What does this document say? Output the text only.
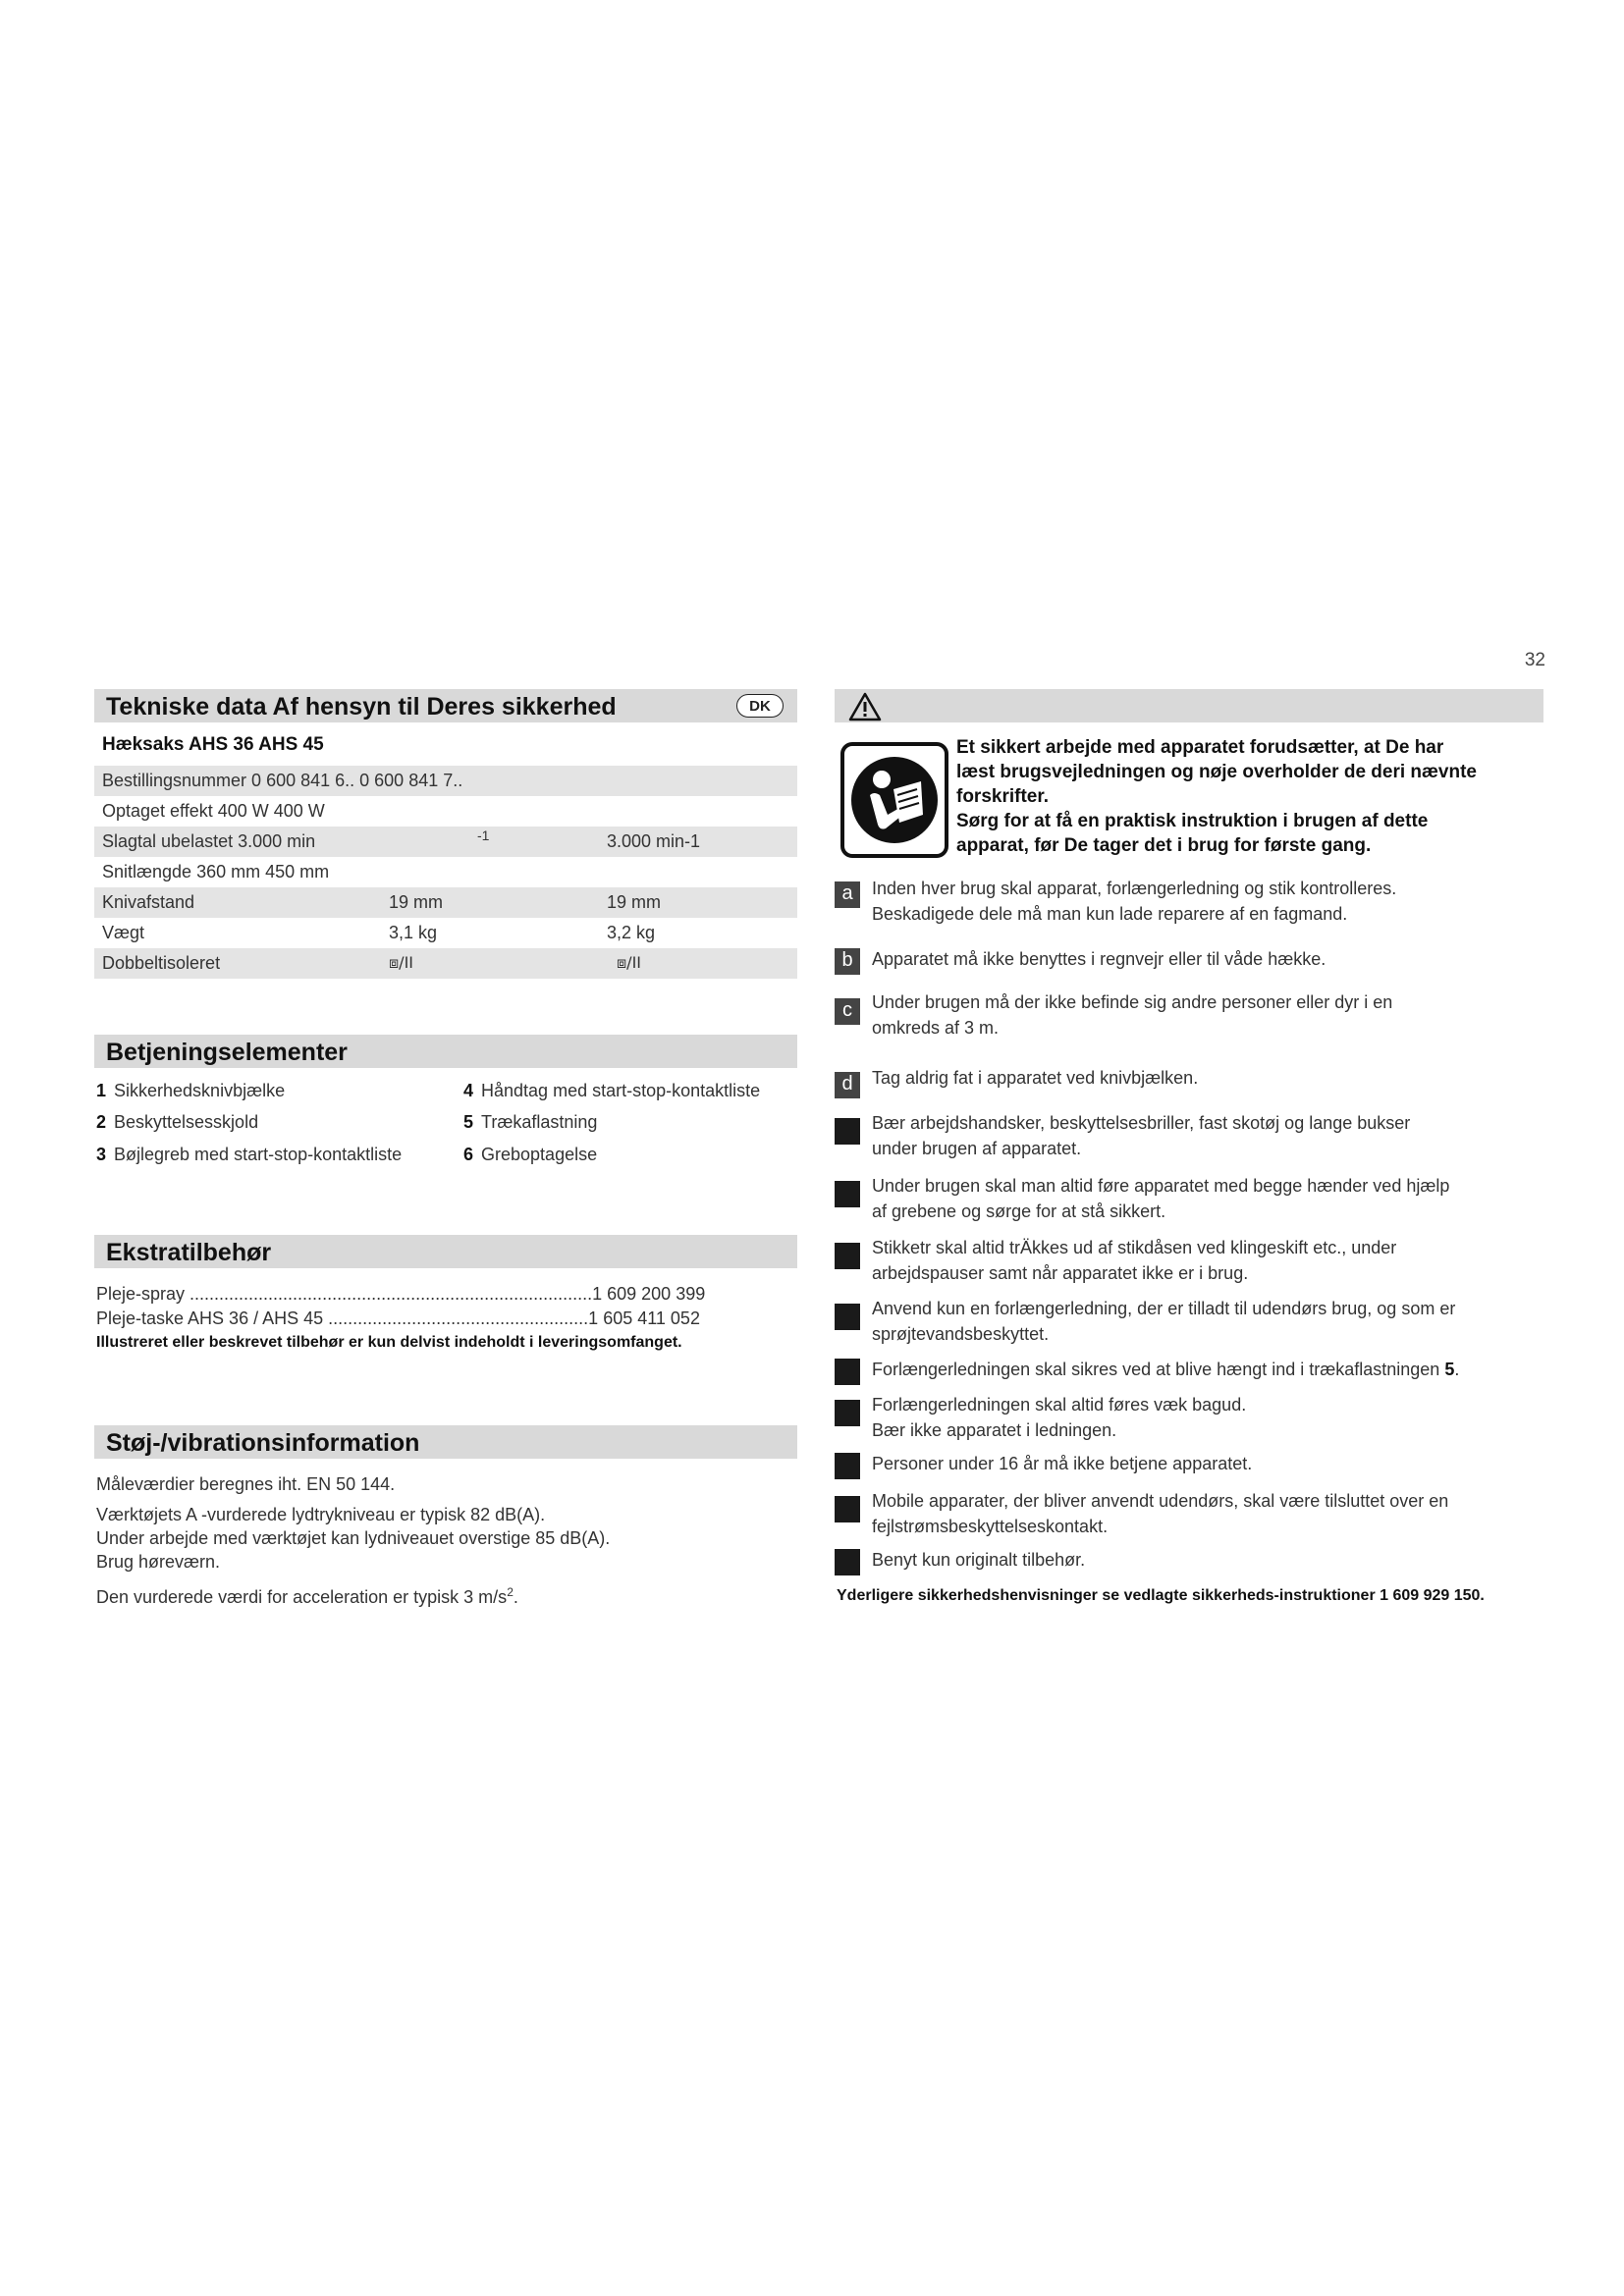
32
Tekniske data Af hensyn til Deres sikkerhed	DK
Hæksaks AHS 36 AHS 45
Bestillingsnummer 0 600 841 6.. 0 600 841 7..
Optaget effekt 400 W 400 W
Slagtal ubelastet 3.000 min	-1	3.000 min-1
Snitlængde 360 mm 450 mm
Knivafstand	19 mm	19 mm
Vægt	3,1 kg	3,2 kg
Dobbeltisoleret	⧈/II	⧈/II
Betjeningselementer
1 Sikkerhedsknivbjælke
2 Beskyttelsesskjold
3 Bøjlegreb med start-stop-kontaktliste
4 Håndtag med start-stop-kontaktliste
5 Trækaflastning
6 Greboptagelse
Ekstratilbehør
Pleje-spray ..................................................................................1 609 200 399
Pleje-taske AHS 36 / AHS 45 .....................................................1 605 411 052
Illustreret eller beskrevet tilbehør er kun delvist indeholdt i leveringsomfanget.
Støj-/vibrationsinformation
Måleværdier beregnes iht. EN 50 144.
Værktøjets A -vurderede lydtrykniveau er typisk 82 dB(A).
Under arbejde med værktøjet kan lydniveauet overstige 85 dB(A).
Brug høreværn.
Den vurderede værdi for acceleration er typisk 3 $m/s^2$.
Et sikkert arbejde med apparatet forudsætter, at De har
læst brugsvejledningen og nøje overholder de deri nævnte
forskrifter.
Sørg for at få en praktisk instruktion i brugen af dette
apparat, før De tager det i brug for første gang.
a	Inden hver brug skal apparat, forlængerledning og stik kontrolleres.
Beskadigede dele må man kun lade reparere af en fagmand.
b	Apparatet må ikke benyttes i regnvejr eller til våde hække.
c	Under brugen må der ikke befinde sig andre personer eller dyr i en
omkreds af 3 m.
d	Tag aldrig fat i apparatet ved knivbjælken.
Bær arbejdshandsker, beskyttelsesbriller, fast skotøj og lange bukser
under brugen af apparatet.
Under brugen skal man altid føre apparatet med begge hænder ved hjælp
af grebene og sørge for at stå sikkert.
Stikketr skal altid trÄkkes ud af stikdåsen ved klingeskift etc., under
arbejdspauser samt når apparatet ikke er i brug.
Anvend kun en forlængerledning, der er tilladt til udendørs brug, og som er
sprøjtevandsbeskyttet.
Forlængerledningen skal sikres ved at blive hængt ind i trækaflastningen 5.
Forlængerledningen skal altid føres væk bagud.
Bær ikke apparatet i ledningen.
Personer under 16 år må ikke betjene apparatet.
Mobile apparater, der bliver anvendt udendørs, skal være tilsluttet over en
fejlstrømsbeskyttelseskontakt.
Benyt kun originalt tilbehør.
Yderligere sikkerhedshenvisninger se vedlagte sikkerheds-instruktioner 1 609 929 150.
